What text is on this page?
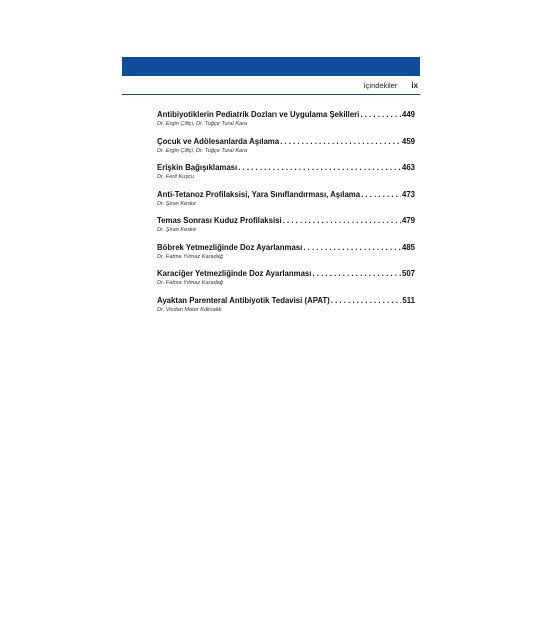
İçindekiler ix
Antibiyotiklerin Pediatrik Dozları ve Uygulama Şekilleri . . .	449
Dr. Ergin Çiftçi, Dr. Tuğçe Tural Kara
Çocuk ve Adölesanlarda Aşılama . . .	459
Dr. Ergin Çiftçi, Dr. Tuğçe Tural Kara
Erişkin Bağışıklaması . . .	463
Dr. Ferit Kuşcu
Anti-Tetanoz Profilaksisi, Yara Sınıflandırması, Aşılama . . .	473
Dr. Şiran Keske
Temas Sonrası Kuduz Profilaksisi . . .	479
Dr. Şiran Keske
Böbrek Yetmezliğinde Doz Ayarlanması . . .	485
Dr. Fatma Yılmaz Karadağ
Karaciğer Yetmezliğinde Doz Ayarlanması . . .	507
Dr. Fatma Yılmaz Karadağ
Ayaktan Parenteral Antibiyotik Tedavisi (APAT) . . .	511
Dr. Vicdan Motor Köksaldı
